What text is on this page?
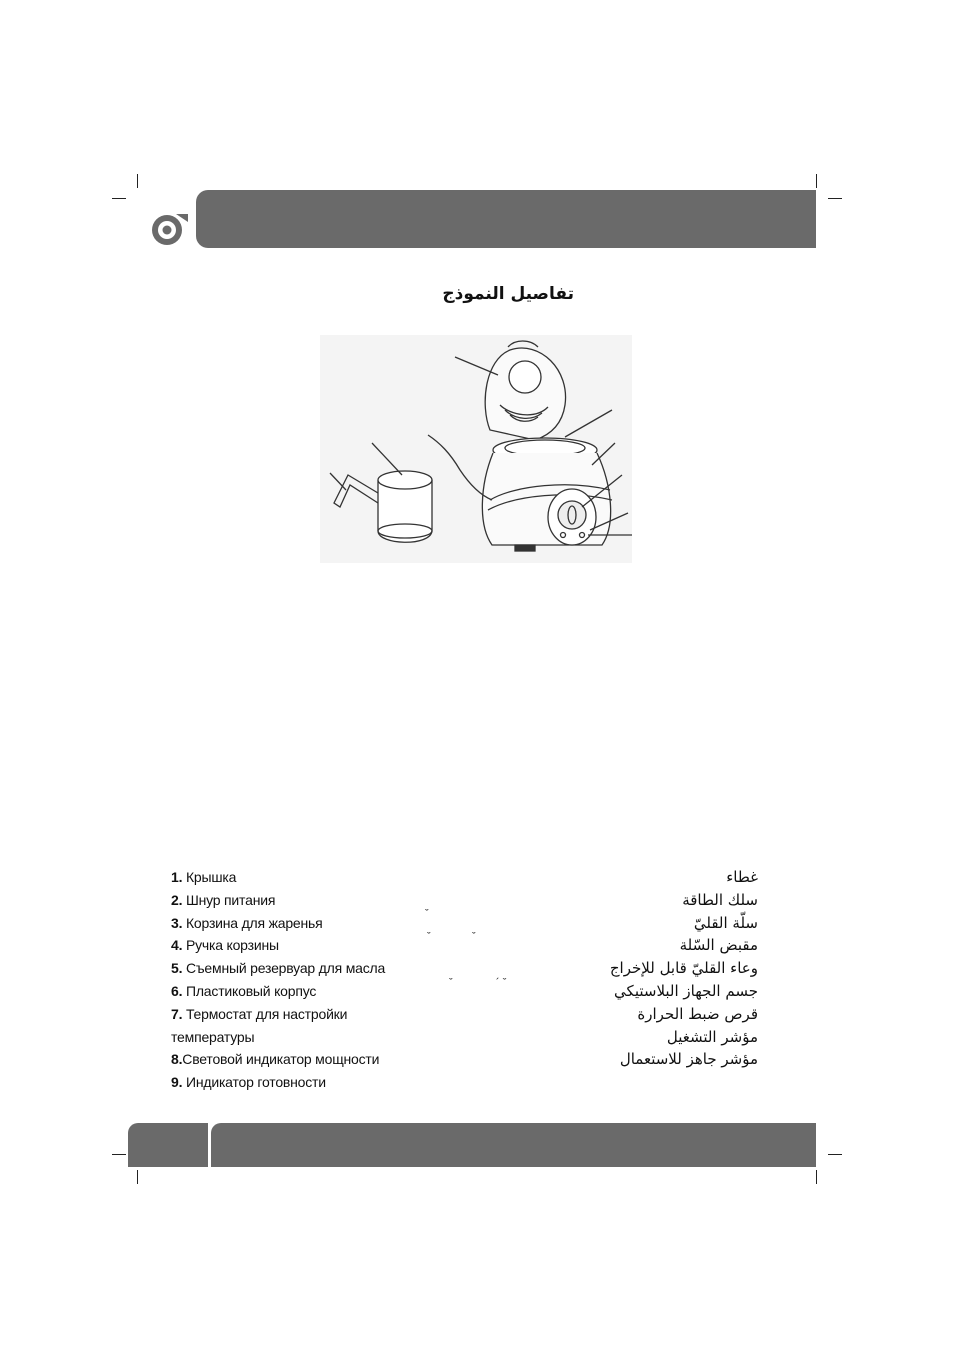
تفاصيل النموذج
1. Крышка
2. Шнур питания
3. Корзина для жаренья
4. Ручка корзины
5. Съемный резервуар для масла
6. Пластиковый корпус
7. Термостат для настройки
температуры
8.Световой индикатор мощности
9. Индикатор готовности
ˇ
ˇ	ˇ
ˇ	´ ˇ
غطاء
سلك الطاقة
سلّة القليّ
مقبض السّلة
وعاء القليّ قابل للإخراج
جسم الجهاز البلاستيكي
قرص ضبط الحرارة
مؤشر التشغيل
مؤشر جاهز للاستعمال
